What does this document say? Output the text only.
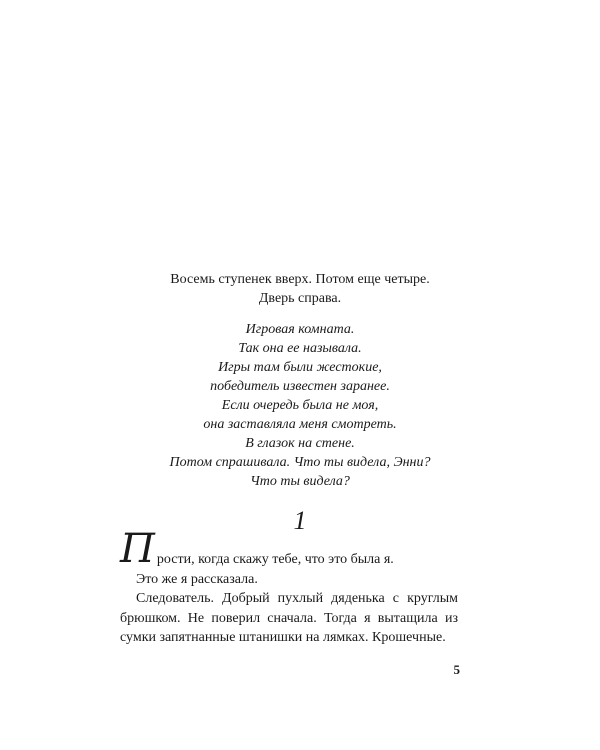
Восемь ступенек вверх. Потом еще четыре.
Дверь справа.
Игровая комната.
Так она ее называла.
Игры там были жестокие,
победитель известен заранее.
Если очередь была не моя,
она заставляла меня смотреть.
В глазок на стене.
Потом спрашивала. Что ты видела, Энни?
Что ты видела?
1

Прости, когда скажу тебе, что это была я.

Это же я рассказала.

Следователь. Добрый пухлый дяденька с круглым брюшком. Не поверил сначала. Тогда я вытащила из сумки запятнанные штанишки на лямках. Крошечные.

5
